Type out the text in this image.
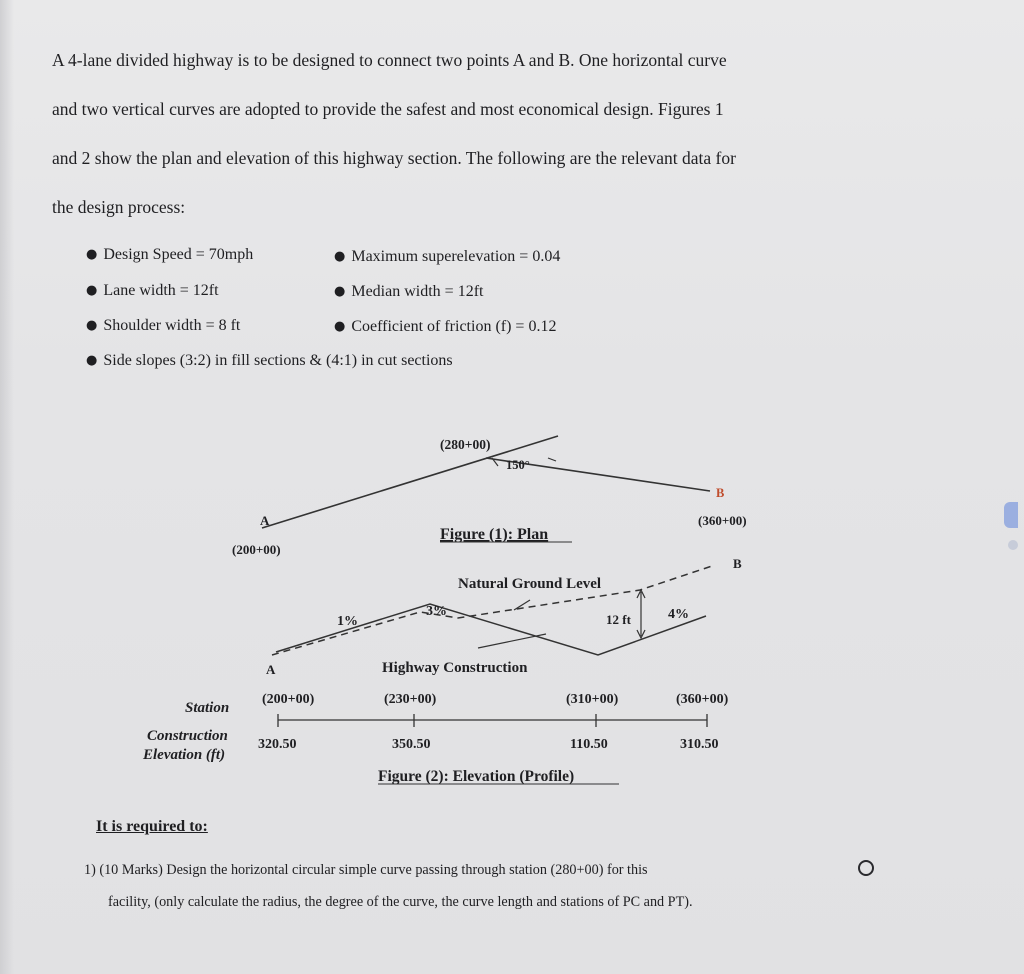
A 4-lane divided highway is to be designed to connect two points A and B. One horizontal curve
and two vertical curves are adopted to provide the safest and most economical design. Figures 1
and 2 show the plan and elevation of this highway section. The following are the relevant data for
the design process:
● Design Speed = 70mph	● Maximum superelevation = 0.04
● Lane width = 12ft	● Median width = 12ft
● Shoulder width = 8 ft	● Coefficient of friction (f) = 0.12
● Side slopes (3:2) in fill sections & (4:1) in cut sections
(280+00)
150°
A
(200+00)
B
(360+00)
Figure (1): Plan
Natural Ground Level
Highway Construction
1%
3%	4%
12 ft
A
B
Station
Construction
Elevation (ft)
(200+00)	(230+00)	(310+00)	(360+00)
320.50	350.50	110.50	310.50
Figure (2): Elevation (Profile)
It is required to:
1) (10 Marks) Design the horizontal circular simple curve passing through station (280+00) for this
facility, (only calculate the radius, the degree of the curve, the curve length and stations of PC and PT).
